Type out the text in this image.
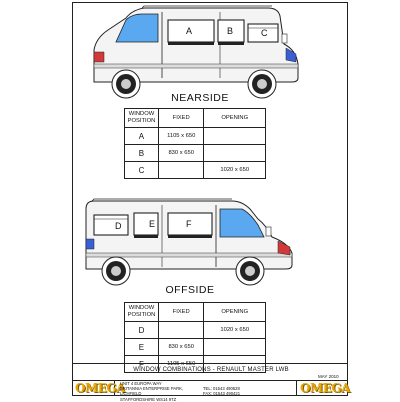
A	B	C
NEARSIDE
WINDOW POSITION	FIXED	OPENING
A	1105 x 650	
B	830 x 650	
C		1020 x 650
D	E	F
OFFSIDE
WINDOW POSITION	FIXED	OPENING
D		1020 x 650
E	830 x 650	
F	1105 x 650	
WINDOW COMBINATIONS - RENAULT MASTER LWB
MAY 2010
OMEGA
UNIT 4 EUROPA WAY
BRITANNIA ENTERPRISE PARK,
LICHFIELD
STAFFORDSHIRE WS14 9TZ
TEL: 01543 490628
FAX: 01543 490421	OMEGA
